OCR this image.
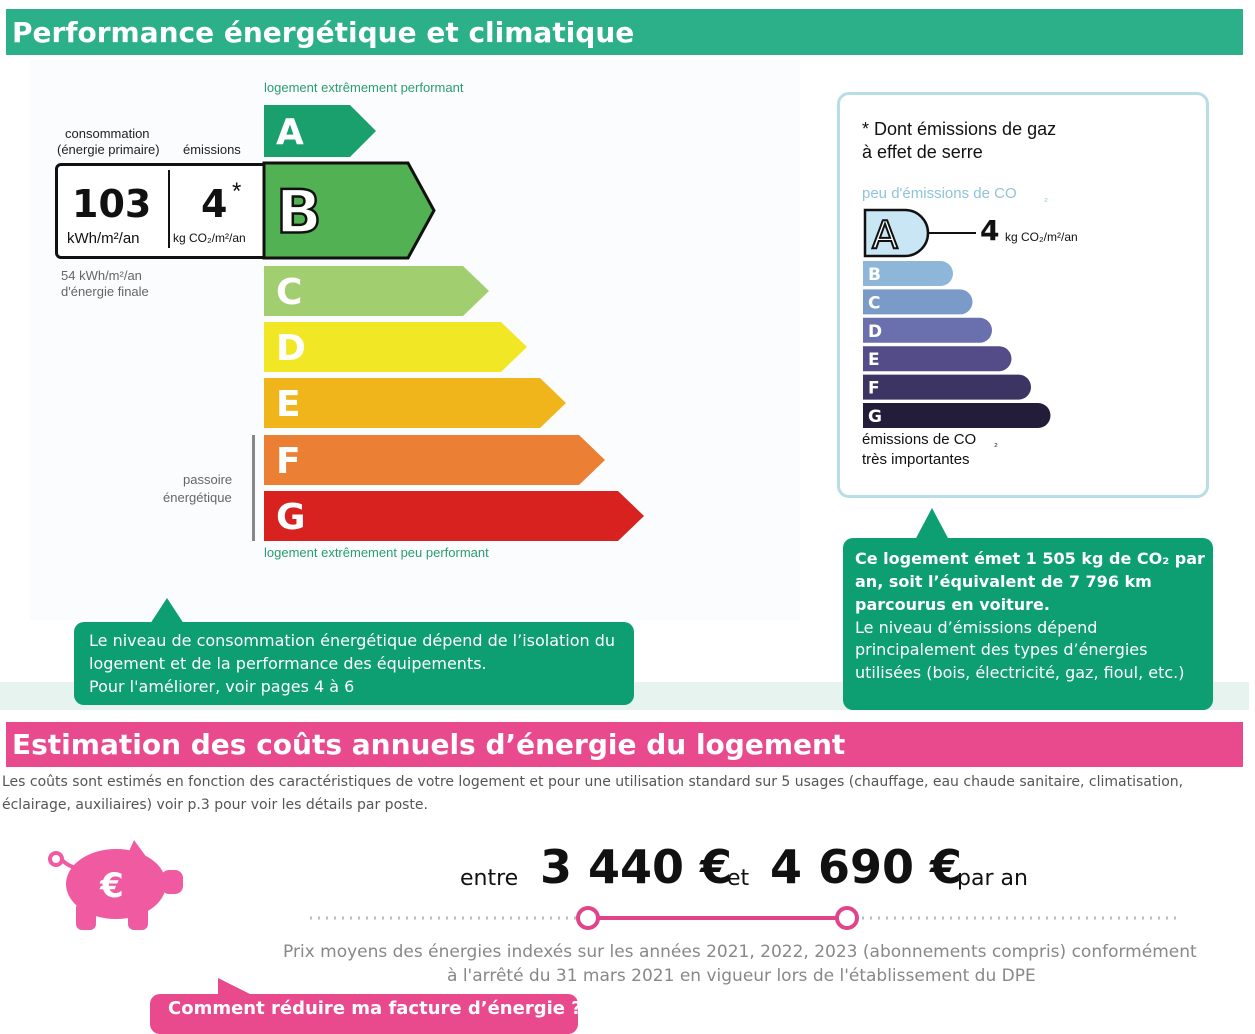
Performance énergétique et climatique
logement extrêmement performant
logement extrêmement peu performant
consommation
(énergie primaire) émissions
103
kWh/m²/an
4 *
kg CO₂/m²/an
54 kWh/m²/an
d'énergie finale
passoire
énergétique
A
B
C
D
E
F
G
* Dont émissions de gaz
à effet de serre
peu d'émissions de CO	₂
A
B
C
D
E
F
G
4 kg CO₂/m²/an
émissions de CO ₂
très importantes
Le niveau de consommation énergétique dépend de l’isolation du
logement et de la performance des équipements.
Pour l'améliorer, voir pages 4 à 6
Ce logement émet 1 505 kg de CO₂ par
an, soit l’équivalent de 7 796 km
parcourus en voiture.
Le niveau d’émissions dépend
principalement des types d’énergies
utilisées (bois, électricité, gaz, fioul, etc.)
Estimation des coûts annuels d’énergie du logement
Les coûts sont estimés en fonction des caractéristiques de votre logement et pour une utilisation standard sur 5 usages (chauffage, eau chaude sanitaire, climatisation,
éclairage, auxiliaires) voir p.3 pour voir les détails par poste.
€	entre 3 440 €
et 4 690 €
par an
Prix moyens des énergies indexés sur les années 2021, 2022, 2023 (abonnements compris) conformément
à l'arrêté du 31 mars 2021 en vigueur lors de l'établissement du DPE
Comment réduire ma facture d’énergie ?
